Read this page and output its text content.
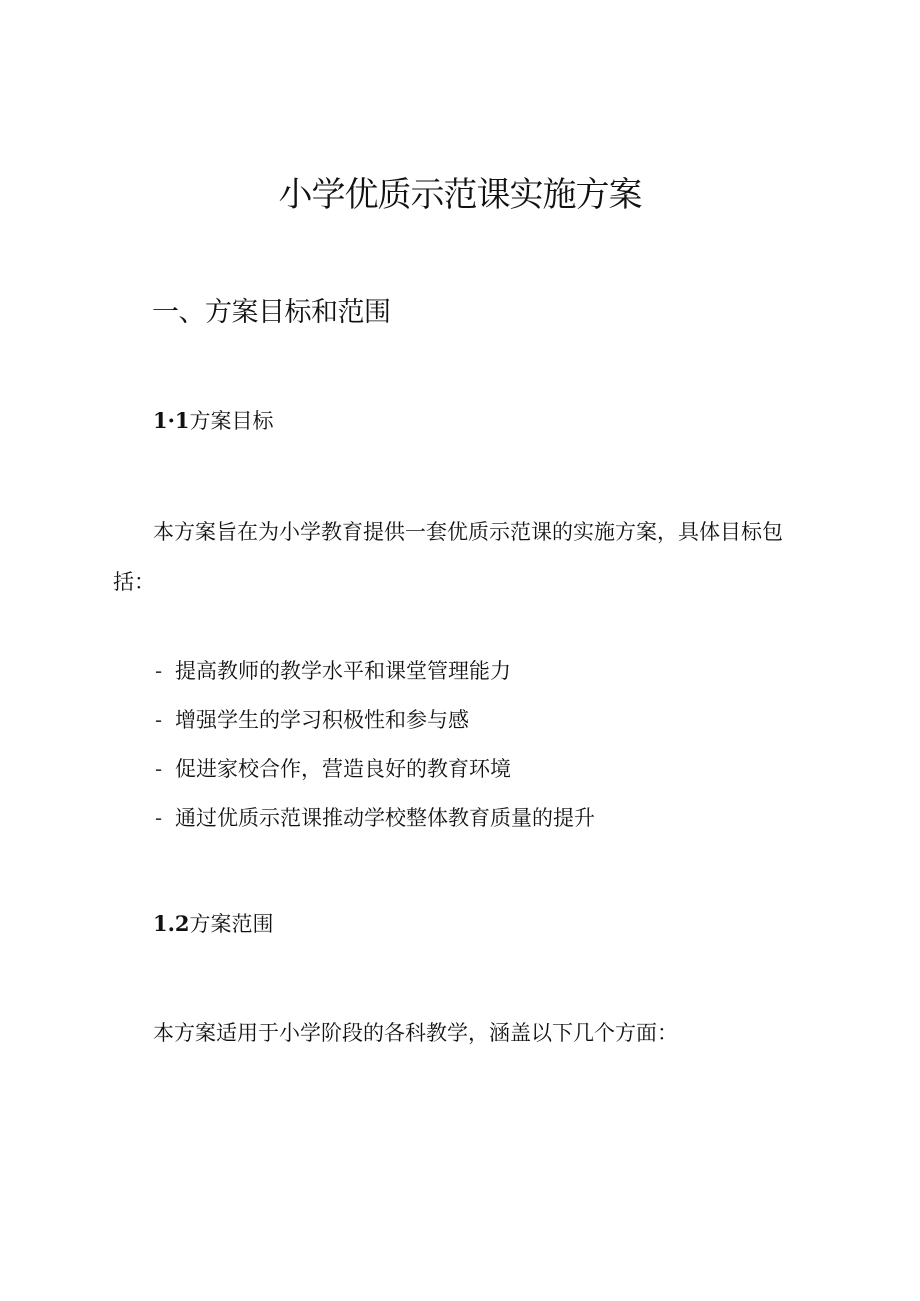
小学优质示范课实施方案
一、方案目标和范围
1·1方案目标

本方案旨在为小学教育提供一套优质示范课的实施方案，具体目标包括：

- 提高教师的教学水平和课堂管理能力
- 增强学生的学习积极性和参与感
- 促进家校合作，营造良好的教育环境
- 通过优质示范课推动学校整体教育质量的提升
1.2方案范围

本方案适用于小学阶段的各科教学，涵盖以下几个方面：
